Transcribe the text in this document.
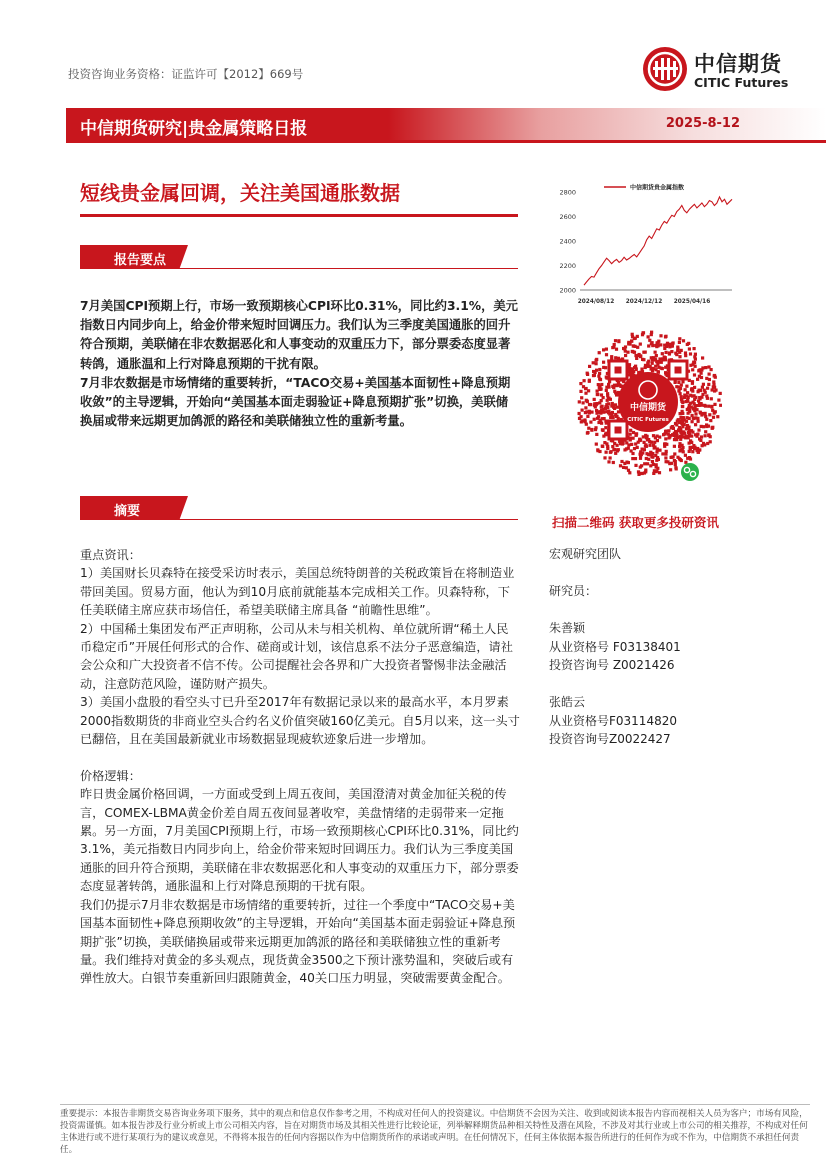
投资咨询业务资格：证监许可【2012】669号	中信期货
CITIC Futures
中信期货研究|贵金属策略日报	2025-8-12
短线贵金属回调，关注美国通胀数据
报告要点

7月美国CPI预期上行，市场一致预期核心CPI环比0.31%，同比约3.1%，美元指数日内同步向上，给金价带来短时回调压力。我们认为三季度美国通胀的回升符合预期，美联储在非农数据恶化和人事变动的双重压力下，部分票委态度显著转鸽，通胀温和上行对降息预期的干扰有限。

7月非农数据是市场情绪的重要转折，“TACO交易+美国基本面韧性+降息预期收敛”的主导逻辑，开始向“美国基本面走弱验证+降息预期扩张”切换，美联储换届或带来远期更加鸽派的路径和美联储独立性的重新考量。

2000
2200
2400
2600
2800
2024/08/12 2024/12/12 2025/04/16
中信期货贵金属指数
中信期货
CITIC Futures
扫描二维码 获取更多投研资讯
宏观研究团队

研究员：

朱善颖
从业资格号 F03138401
投资咨询号 Z0021426

张皓云
从业资格号F03114820
投资咨询号Z0022427
摘要

重点资讯：

1）美国财长贝森特在接受采访时表示，美国总统特朗普的关税政策旨在将制造业带回美国。贸易方面，他认为到10月底前就能基本完成相关工作。贝森特称，下任美联储主席应获市场信任，希望美联储主席具备 “前瞻性思维”。

2）中国稀土集团发布严正声明称，公司从未与相关机构、单位就所谓“稀土人民币稳定币”开展任何形式的合作、磋商或计划，该信息系不法分子恶意编造，请社会公众和广大投资者不信不传。公司提醒社会各界和广大投资者警惕非法金融活动，注意防范风险，谨防财产损失。

3）美国小盘股的看空头寸已升至2017年有数据记录以来的最高水平，本月罗素2000指数期货的非商业空头合约名义价值突破160亿美元。自5月以来，这一头寸已翻倍，且在美国最新就业市场数据显现疲软迹象后进一步增加。

价格逻辑：

昨日贵金属价格回调，一方面或受到上周五夜间，美国澄清对黄金加征关税的传言，COMEX-LBMA黄金价差自周五夜间显著收窄，美盘情绪的走弱带来一定拖累。另一方面，7月美国CPI预期上行，市场一致预期核心CPI环比0.31%，同比约3.1%，美元指数日内同步向上，给金价带来短时回调压力。我们认为三季度美国通胀的回升符合预期，美联储在非农数据恶化和人事变动的双重压力下，部分票委态度显著转鸽，通胀温和上行对降息预期的干扰有限。

我们仍提示7月非农数据是市场情绪的重要转折，过往一个季度中“TACO交易+美国基本面韧性+降息预期收敛”的主导逻辑，开始向“美国基本面走弱验证+降息预期扩张”切换，美联储换届或带来远期更加鸽派的路径和美联储独立性的重新考量。我们维持对黄金的多头观点，现货黄金3500之下预计涨势温和，突破后或有弹性放大。白银节奏重新回归跟随黄金，40关口压力明显，突破需要黄金配合。

重要提示：本报告非期货交易咨询业务项下服务，其中的观点和信息仅作参考之用，不构成对任何人的投资建议。中信期货不会因为关注、收到或阅读本报告内容而视相关人员为客户；市场有风险，投资需谨慎。如本报告涉及行业分析或上市公司相关内容，旨在对期货市场及其相关性进行比较论证，列举解释期货品种相关特性及潜在风险，不涉及对其行业或上市公司的相关推荐，不构成对任何主体进行或不进行某项行为的建议或意见，不得将本报告的任何内容据以作为中信期货所作的承诺或声明。在任何情况下，任何主体依据本报告所进行的任何作为或不作为，中信期货不承担任何责任。
